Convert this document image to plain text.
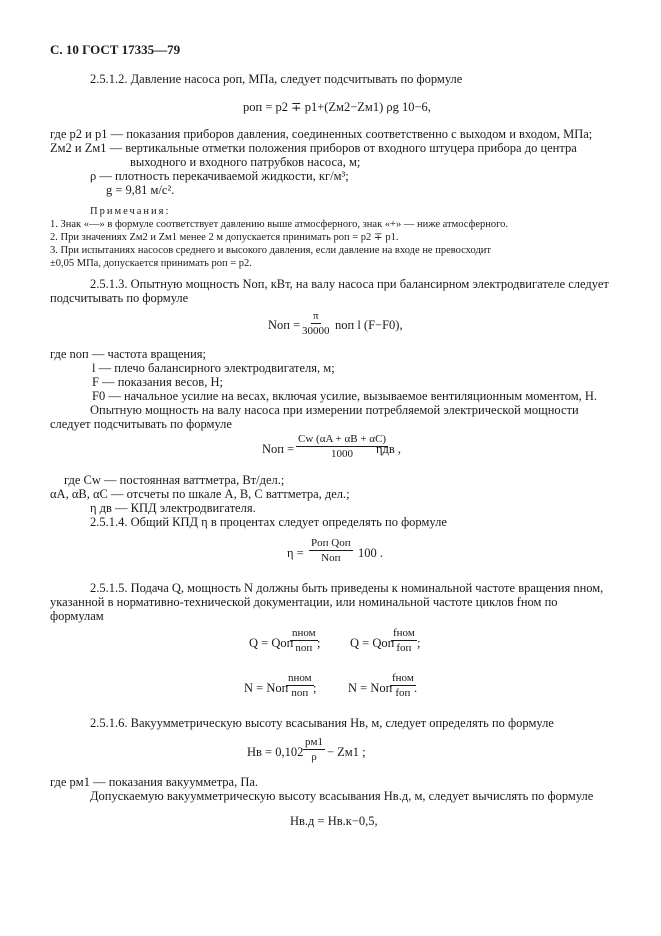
С. 10 ГОСТ 17335—79
2.5.1.2. Давление насоса pоп, МПа, следует подсчитывать по формуле
pоп = p2 ∓ p1+(Zм2−Zм1) ρg 10−6,
где p2 и p1 — показания приборов давления, соединенных соответственно с выходом и входом, МПа;
Zм2 и Zм1 — вертикальные отметки положения приборов от входного штуцера прибора до центра
выходного и входного патрубков насоса, м;
ρ — плотность перекачиваемой жидкости, кг/м³;
g = 9,81 м/с².
Примечания:
1. Знак «—» в формуле соответствует давлению выше атмосферного, знак «+» — ниже атмосферного.
2. При значениях Zм2 и Zм1 менее 2 м допускается принимать pоп = p2 ∓ p1.
3. При испытаниях насосов среднего и высокого давления, если давление на входе не превосходит
±0,05 МПа, допускается принимать pоп = p2.
2.5.1.3. Опытную мощность Nоп, кВт, на валу насоса при балансирном электродвигателе следует
подсчитывать по формуле
Nоп = $\frac{\pi}{30000}$ nоп l (F−F0),
где nоп — частота вращения;
l — плечо балансирного электродвигателя, м;
F — показания весов, Н;
F0 — начальное усилие на весах, включая усилие, вызываемое вентиляционным моментом, Н.
Опытную мощность на валу насоса при измерении потребляемой электрической мощности
следует подсчитывать по формуле
Nоп = $\frac{Cw (\alpha A + \alpha B + \alpha C)}{1000}$
ηдв ,
где Cw — постоянная ваттметра, Вт/дел.;
αA, αB, αC — отсчеты по шкале А, В, С ваттметра, дел.;
η дв — КПД электродвигателя.
2.5.1.4. Общий КПД η в процентах следует определять по формуле
η =
Pоп Qоп
Nоп 100 .
2.5.1.5. Подача Q, мощность N должны быть приведены к номинальной частоте вращения nном,
указанной в нормативно-технической документации, или номинальной частоте циклов fном по
формулам
Q = Qоп
nном
nоп ; Q = Qоп
fном
fоп ;
N = Nоп
nном
nоп ;	N = Nоп
fном
fоп .
2.5.1.6. Вакуумметрическую высоту всасывания Hв, м, следует определять по формуле
Hв = 0,102
pм1
ρ − Zм1 ;
где pм1 — показания вакуумметра, Па.
Допускаемую вакуумметрическую высоту всасывания Hв.д, м, следует вычислять по формуле
Hв.д = Hв.к−0,5,
